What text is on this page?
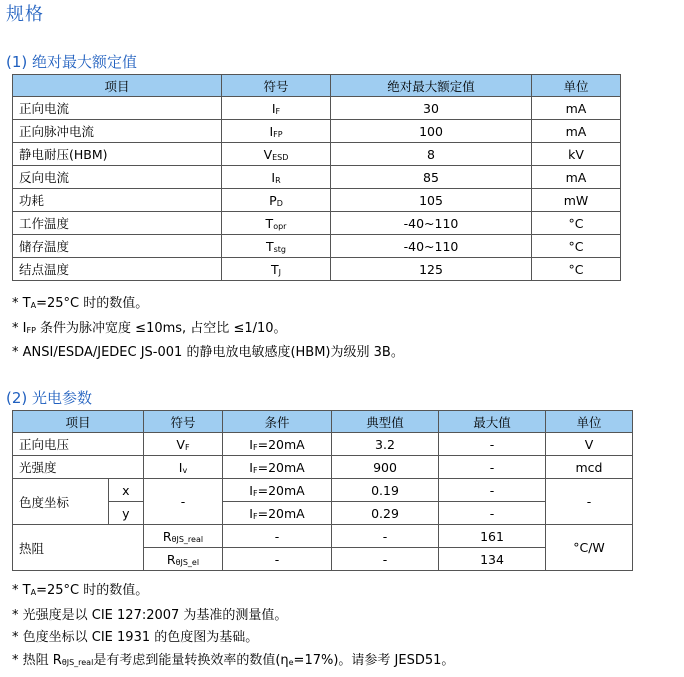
规格
(1) 绝对最大额定值
项目	符号	绝对最大额定值	单位
正向电流	$I_F$	30	mA
正向脉冲电流	$I_{FP}$	100	mA
静电耐压(HBM)	$V_{ESD}$	8	kV
反向电流	$I_R$	85	mA
功耗	$P_D$	105	mW
工作温度	$T_{opr}$	-40~110	°C
储存温度	$T_{stg}$	-40~110	°C
结点温度	$T_J$	125	°C
* $T_A=25^\circ C$ 时的数值。
* $I_{FP}$ 条件为脉冲宽度 ≤10ms, 占空比 ≤1/10。
* ANSI/ESDA/JEDEC JS-001 的静电放电敏感度(HBM)为级别 3B。
(2) 光电参数
项目		符号	条件	典型值	最大值	单位
正向电压		$V_F$	$I_F=20mA$	3.2	-	V
光强度		$I_v$	$I_F=20mA$	900	-	mcd
色度坐标	x	-	$I_F=20mA$	0.19	-	-
	y		$I_F=20mA$	0.29	-	
热阻		$R_{\theta JS\_real}$	-	-	161	°C/W
		$R_{\theta JS\_el}$	-	-	134	
* $T_A=25^\circ C$ 时的数值。
* 光强度是以 CIE 127:2007 为基准的测量值。
* 色度坐标以 CIE 1931 的色度图为基础。
* 热阻 $R_{\theta JS\_real}$是有考虑到能量转换效率的数值$(\eta_e=17\%)$。请参考 JESD51。
